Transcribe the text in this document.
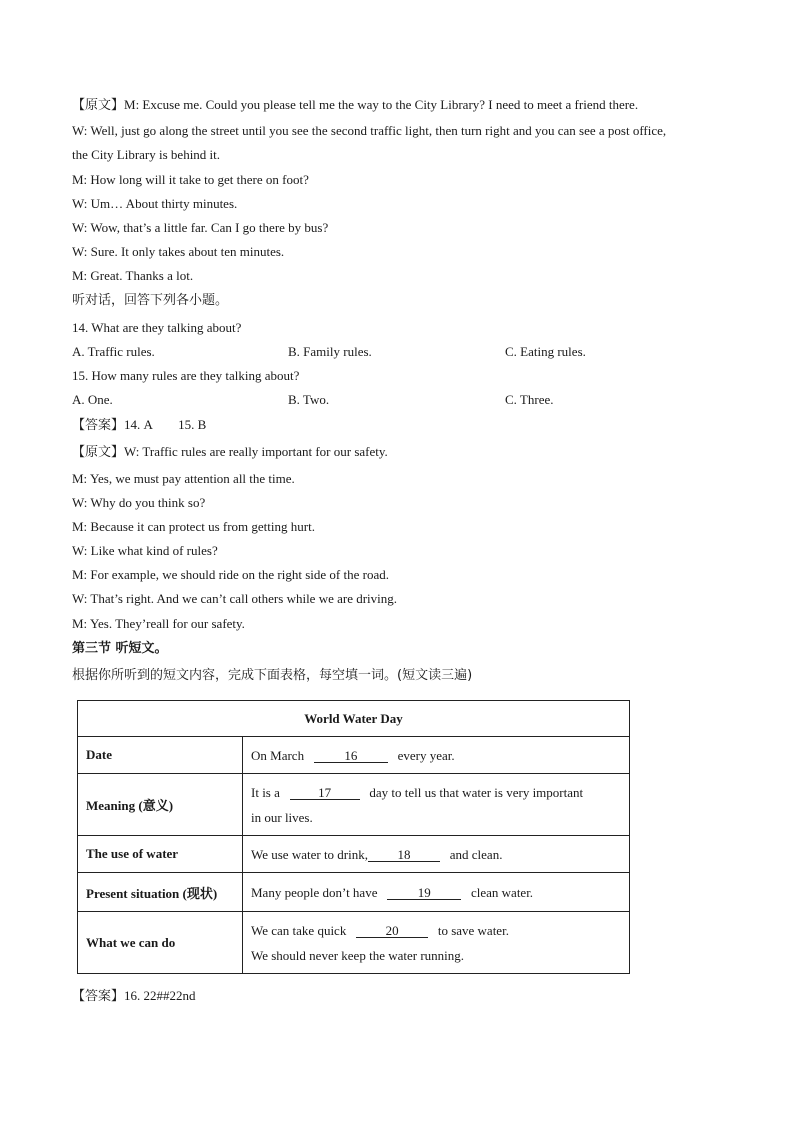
【原文】M: Excuse me. Could you please tell me the way to the City Library? I need to meet a friend there.
W: Well, just go along the street until you see the second traffic light, then turn right and you can see a post office,
the City Library is behind it.
M: How long will it take to get there on foot?
W: Um… About thirty minutes.
W: Wow, that’s a little far. Can I go there by bus?
W: Sure. It only takes about ten minutes.
M: Great. Thanks a lot.
听对话，回答下列各小题。
14. What are they talking about?
A. Traffic rules.	B. Family rules.	C. Eating rules.
15. How many rules are they talking about?
A. One.	B. Two.	C. Three.
【答案】14. A        15. B
【原文】W: Traffic rules are really important for our safety.
M: Yes, we must pay attention all the time.
W: Why do you think so?
M: Because it can protect us from getting hurt.
W: Like what kind of rules?
M: For example, we should ride on the right side of the road.
W: That’s right. And we can’t call others while we are driving.
M: Yes. They’reall for our safety.
第三节 听短文。
根据你所听到的短文内容，完成下面表格，每空填一词。(短文读三遍)
World Water Day	
Date	On March 16 every year.

Meaning (意义)	It is a 17 day to tell us that water is very important
in our lives.

The use of water	We use water to drink, 18 and clean.

Present situation (现状)	Many people don’t have 19 clean water.

What we can do	We can take quick 20 to save water.
We should never keep the water running.
【答案】16. 22##22nd
